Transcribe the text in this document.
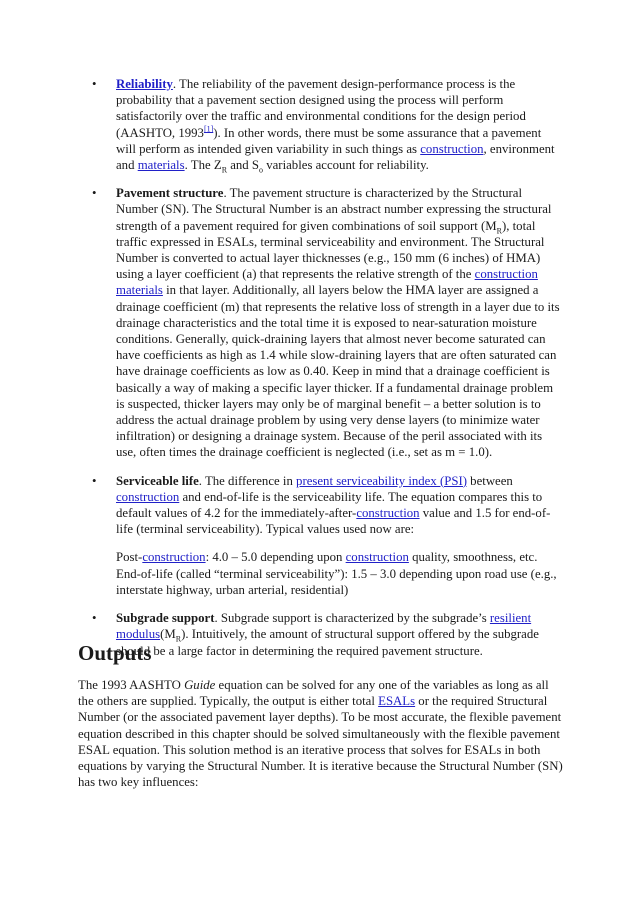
• Reliability. The reliability of the pavement design-performance process is the probability that a pavement section designed using the process will perform satisfactorily over the traffic and environmental conditions for the design period (AASHTO, 1993[1]). In other words, there must be some assurance that a pavement will perform as intended given variability in such things as construction, environment and materials. The $Z_R$ and $S_o$ variables account for reliability.

• Pavement structure. The pavement structure is characterized by the Structural Number (SN). The Structural Number is an abstract number expressing the structural strength of a pavement required for given combinations of soil support $(M_R)$, total traffic expressed in ESALs, terminal serviceability and environment. The Structural Number is converted to actual layer thicknesses (e.g., 150 mm (6 inches) of HMA) using a layer coefficient (a) that represents the relative strength of the construction materials in that layer. Additionally, all layers below the HMA layer are assigned a drainage coefficient (m) that represents the relative loss of strength in a layer due to its drainage characteristics and the total time it is exposed to near-saturation moisture conditions. Generally, quick-draining layers that almost never become saturated can have coefficients as high as 1.4 while slow-draining layers that are often saturated can have drainage coefficients as low as 0.40. Keep in mind that a drainage coefficient is basically a way of making a specific layer thicker. If a fundamental drainage problem is suspected, thicker layers may only be of marginal benefit – a better solution is to address the actual drainage problem by using very dense layers (to minimize water infiltration) or designing a drainage system. Because of the peril associated with its use, often times the drainage coefficient is neglected (i.e., set as m = 1.0).

• Serviceable life. The difference in present serviceability index (PSI) between construction and end-of-life is the serviceability life. The equation compares this to default values of 4.2 for the immediately-after-construction value and 1.5 for end-of-life (terminal serviceability). Typical values used now are:

Post-construction: 4.0 – 5.0 depending upon construction quality, smoothness, etc.
End-of-life (called “terminal serviceability”): 1.5 – 3.0 depending upon road use (e.g., interstate highway, urban arterial, residential)

• Subgrade support. Subgrade support is characterized by the subgrade’s resilient $modulus(M_R)$. Intuitively, the amount of structural support offered by the subgrade should be a large factor in determining the required pavement structure.

Outputs

The 1993 AASHTO Guide equation can be solved for any one of the variables as long as all the others are supplied. Typically, the output is either total ESALs or the required Structural Number (or the associated pavement layer depths). To be most accurate, the flexible pavement equation described in this chapter should be solved simultaneously with the flexible pavement ESAL equation. This solution method is an iterative process that solves for ESALs in both equations by varying the Structural Number. It is iterative because the Structural Number (SN) has two key influences:
